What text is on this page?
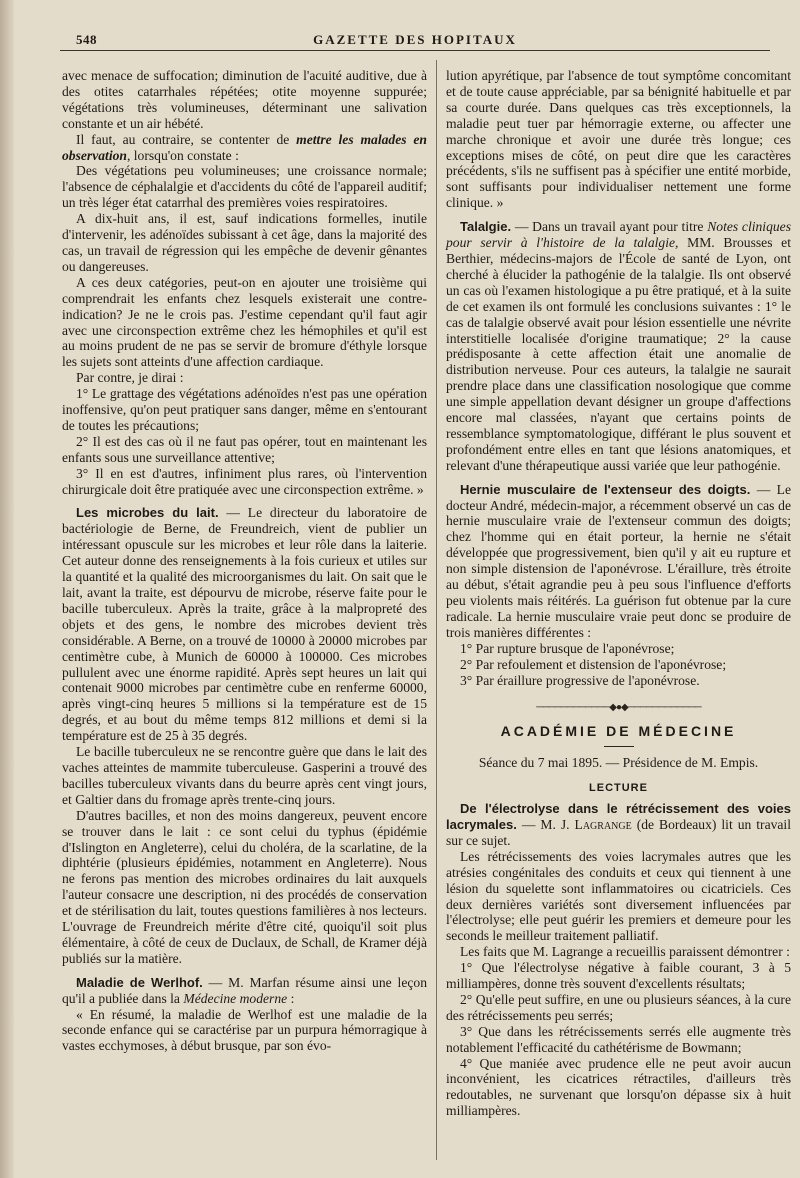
548	GAZETTE DES HOPITAUX

avec menace de suffocation; diminution de l'acuité auditive, due à des otites catarrhales répétées; otite moyenne suppurée; végétations très volumineuses, déterminant une salivation constante et un air hébété.

Il faut, au contraire, se contenter de mettre les malades en observation, lorsqu'on constate :

Des végétations peu volumineuses; une croissance normale; l'absence de céphalalgie et d'accidents du côté de l'appareil auditif; un très léger état catarrhal des premières voies respiratoires.

A dix-huit ans, il est, sauf indications formelles, inutile d'intervenir, les adénoïdes subissant à cet âge, dans la majorité des cas, un travail de régression qui les empêche de devenir gênantes ou dangereuses.

A ces deux catégories, peut-on en ajouter une troisième qui comprendrait les enfants chez lesquels existerait une contre-indication? Je ne le crois pas. J'estime cependant qu'il faut agir avec une circonspection extrême chez les hémophiles et qu'il est au moins prudent de ne pas se servir de bromure d'éthyle lorsque les sujets sont atteints d'une affection cardiaque.

Par contre, je dirai :

1° Le grattage des végétations adénoïdes n'est pas une opération inoffensive, qu'on peut pratiquer sans danger, même en s'entourant de toutes les précautions;

2° Il est des cas où il ne faut pas opérer, tout en maintenant les enfants sous une surveillance attentive;

3° Il en est d'autres, infiniment plus rares, où l'intervention chirurgicale doit être pratiquée avec une circonspection extrême. »

Les microbes du lait. — Le directeur du laboratoire de bactériologie de Berne, de Freundreich, vient de publier un intéressant opuscule sur les microbes et leur rôle dans la laiterie. Cet auteur donne des renseignements à la fois curieux et utiles sur la quantité et la qualité des microorganismes du lait. On sait que le lait, avant la traite, est dépourvu de microbe, réserve faite pour le bacille tuberculeux. Après la traite, grâce à la malpropreté des objets et des gens, le nombre des microbes devient très considérable. A Berne, on a trouvé de 10000 à 20000 microbes par centimètre cube, à Munich de 60000 à 100000. Ces microbes pullulent avec une énorme rapidité. Après sept heures un lait qui contenait 9000 microbes par centimètre cube en renferme 60000, après vingt-cinq heures 5 millions si la température est de 15 degrés, et au bout du même temps 812 millions et demi si la température est de 25 à 35 degrés.

Le bacille tuberculeux ne se rencontre guère que dans le lait des vaches atteintes de mammite tuberculeuse. Gasperini a trouvé des bacilles tuberculeux vivants dans du beurre après cent vingt jours, et Galtier dans du fromage après trente-cinq jours.

D'autres bacilles, et non des moins dangereux, peuvent encore se trouver dans le lait : ce sont celui du typhus (épidémie d'Islington en Angleterre), celui du choléra, de la scarlatine, de la diphtérie (plusieurs épidémies, notamment en Angleterre). Nous ne ferons pas mention des microbes ordinaires du lait auxquels l'auteur consacre une description, ni des procédés de conservation et de stérilisation du lait, toutes questions familières à nos lecteurs. L'ouvrage de Freundreich mérite d'être cité, quoiqu'il soit plus élémentaire, à côté de ceux de Duclaux, de Schall, de Kramer déjà publiés sur la matière.

Maladie de Werlhof. — M. Marfan résume ainsi une leçon qu'il a publiée dans la Médecine moderne :

« En résumé, la maladie de Werlhof est une maladie de la seconde enfance qui se caractérise par un purpura hémorragique à vastes ecchymoses, à début brusque, par son évo-

lution apyrétique, par l'absence de tout symptôme concomitant et de toute cause appréciable, par sa bénignité habituelle et par sa courte durée. Dans quelques cas très exceptionnels, la maladie peut tuer par hémorragie externe, ou affecter une marche chronique et avoir une durée très longue; ces exceptions mises de côté, on peut dire que les caractères précédents, s'ils ne suffisent pas à spécifier une entité morbide, sont suffisants pour individualiser nettement une forme clinique. »

Talalgie. — Dans un travail ayant pour titre Notes cliniques pour servir à l'histoire de la talalgie, MM. Brousses et Berthier, médecins-majors de l'École de santé de Lyon, ont cherché à élucider la pathogénie de la talalgie. Ils ont observé un cas où l'examen histologique a pu être pratiqué, et à la suite de cet examen ils ont formulé les conclusions suivantes : 1° le cas de talalgie observé avait pour lésion essentielle une névrite interstitielle localisée d'origine traumatique; 2° la cause prédisposante à cette affection était une anomalie de distribution nerveuse. Pour ces auteurs, la talalgie ne saurait prendre place dans une classification nosologique que comme une simple appellation devant désigner un groupe d'affections encore mal classées, n'ayant que certains points de ressemblance symptomatologique, différant le plus souvent et profondément entre elles en tant que lésions anatomiques, et relevant d'une thérapeutique aussi variée que leur pathogénie.

Hernie musculaire de l'extenseur des doigts. — Le docteur André, médecin-major, a récemment observé un cas de hernie musculaire vraie de l'extenseur commun des doigts; chez l'homme qui en était porteur, la hernie ne s'était développée que progressivement, bien qu'il y ait eu rupture et non simple distension de l'aponévrose. L'éraillure, très étroite au début, s'était agrandie peu à peu sous l'influence d'efforts peu violents mais réitérés. La guérison fut obtenue par la cure radicale. La hernie musculaire vraie peut donc se produire de trois manières différentes :

1° Par rupture brusque de l'aponévrose;

2° Par refoulement et distension de l'aponévrose;

3° Par éraillure progressive de l'aponévrose.

────────────◆●◆────────────
ACADÉMIE DE MÉDECINE

Séance du 7 mai 1895. — Présidence de M. Empis.

LECTURE

De l'électrolyse dans le rétrécissement des voies lacrymales. — M. J. Lagrange (de Bordeaux) lit un travail sur ce sujet.

Les rétrécissements des voies lacrymales autres que les atrésies congénitales des conduits et ceux qui tiennent à une lésion du squelette sont inflammatoires ou cicatriciels. Ces deux dernières variétés sont diversement influencées par l'électrolyse; elle peut guérir les premiers et demeure pour les seconds le meilleur traitement palliatif.

Les faits que M. Lagrange a recueillis paraissent démontrer :

1° Que l'électrolyse négative à faible courant, 3 à 5 milliampères, donne très souvent d'excellents résultats;

2° Qu'elle peut suffire, en une ou plusieurs séances, à la cure des rétrécissements peu serrés;

3° Que dans les rétrécissements serrés elle augmente très notablement l'efficacité du cathétérisme de Bowmann;

4° Que maniée avec prudence elle ne peut avoir aucun inconvénient, les cicatrices rétractiles, d'ailleurs très redoutables, ne survenant que lorsqu'on dépasse six à huit milliampères.
